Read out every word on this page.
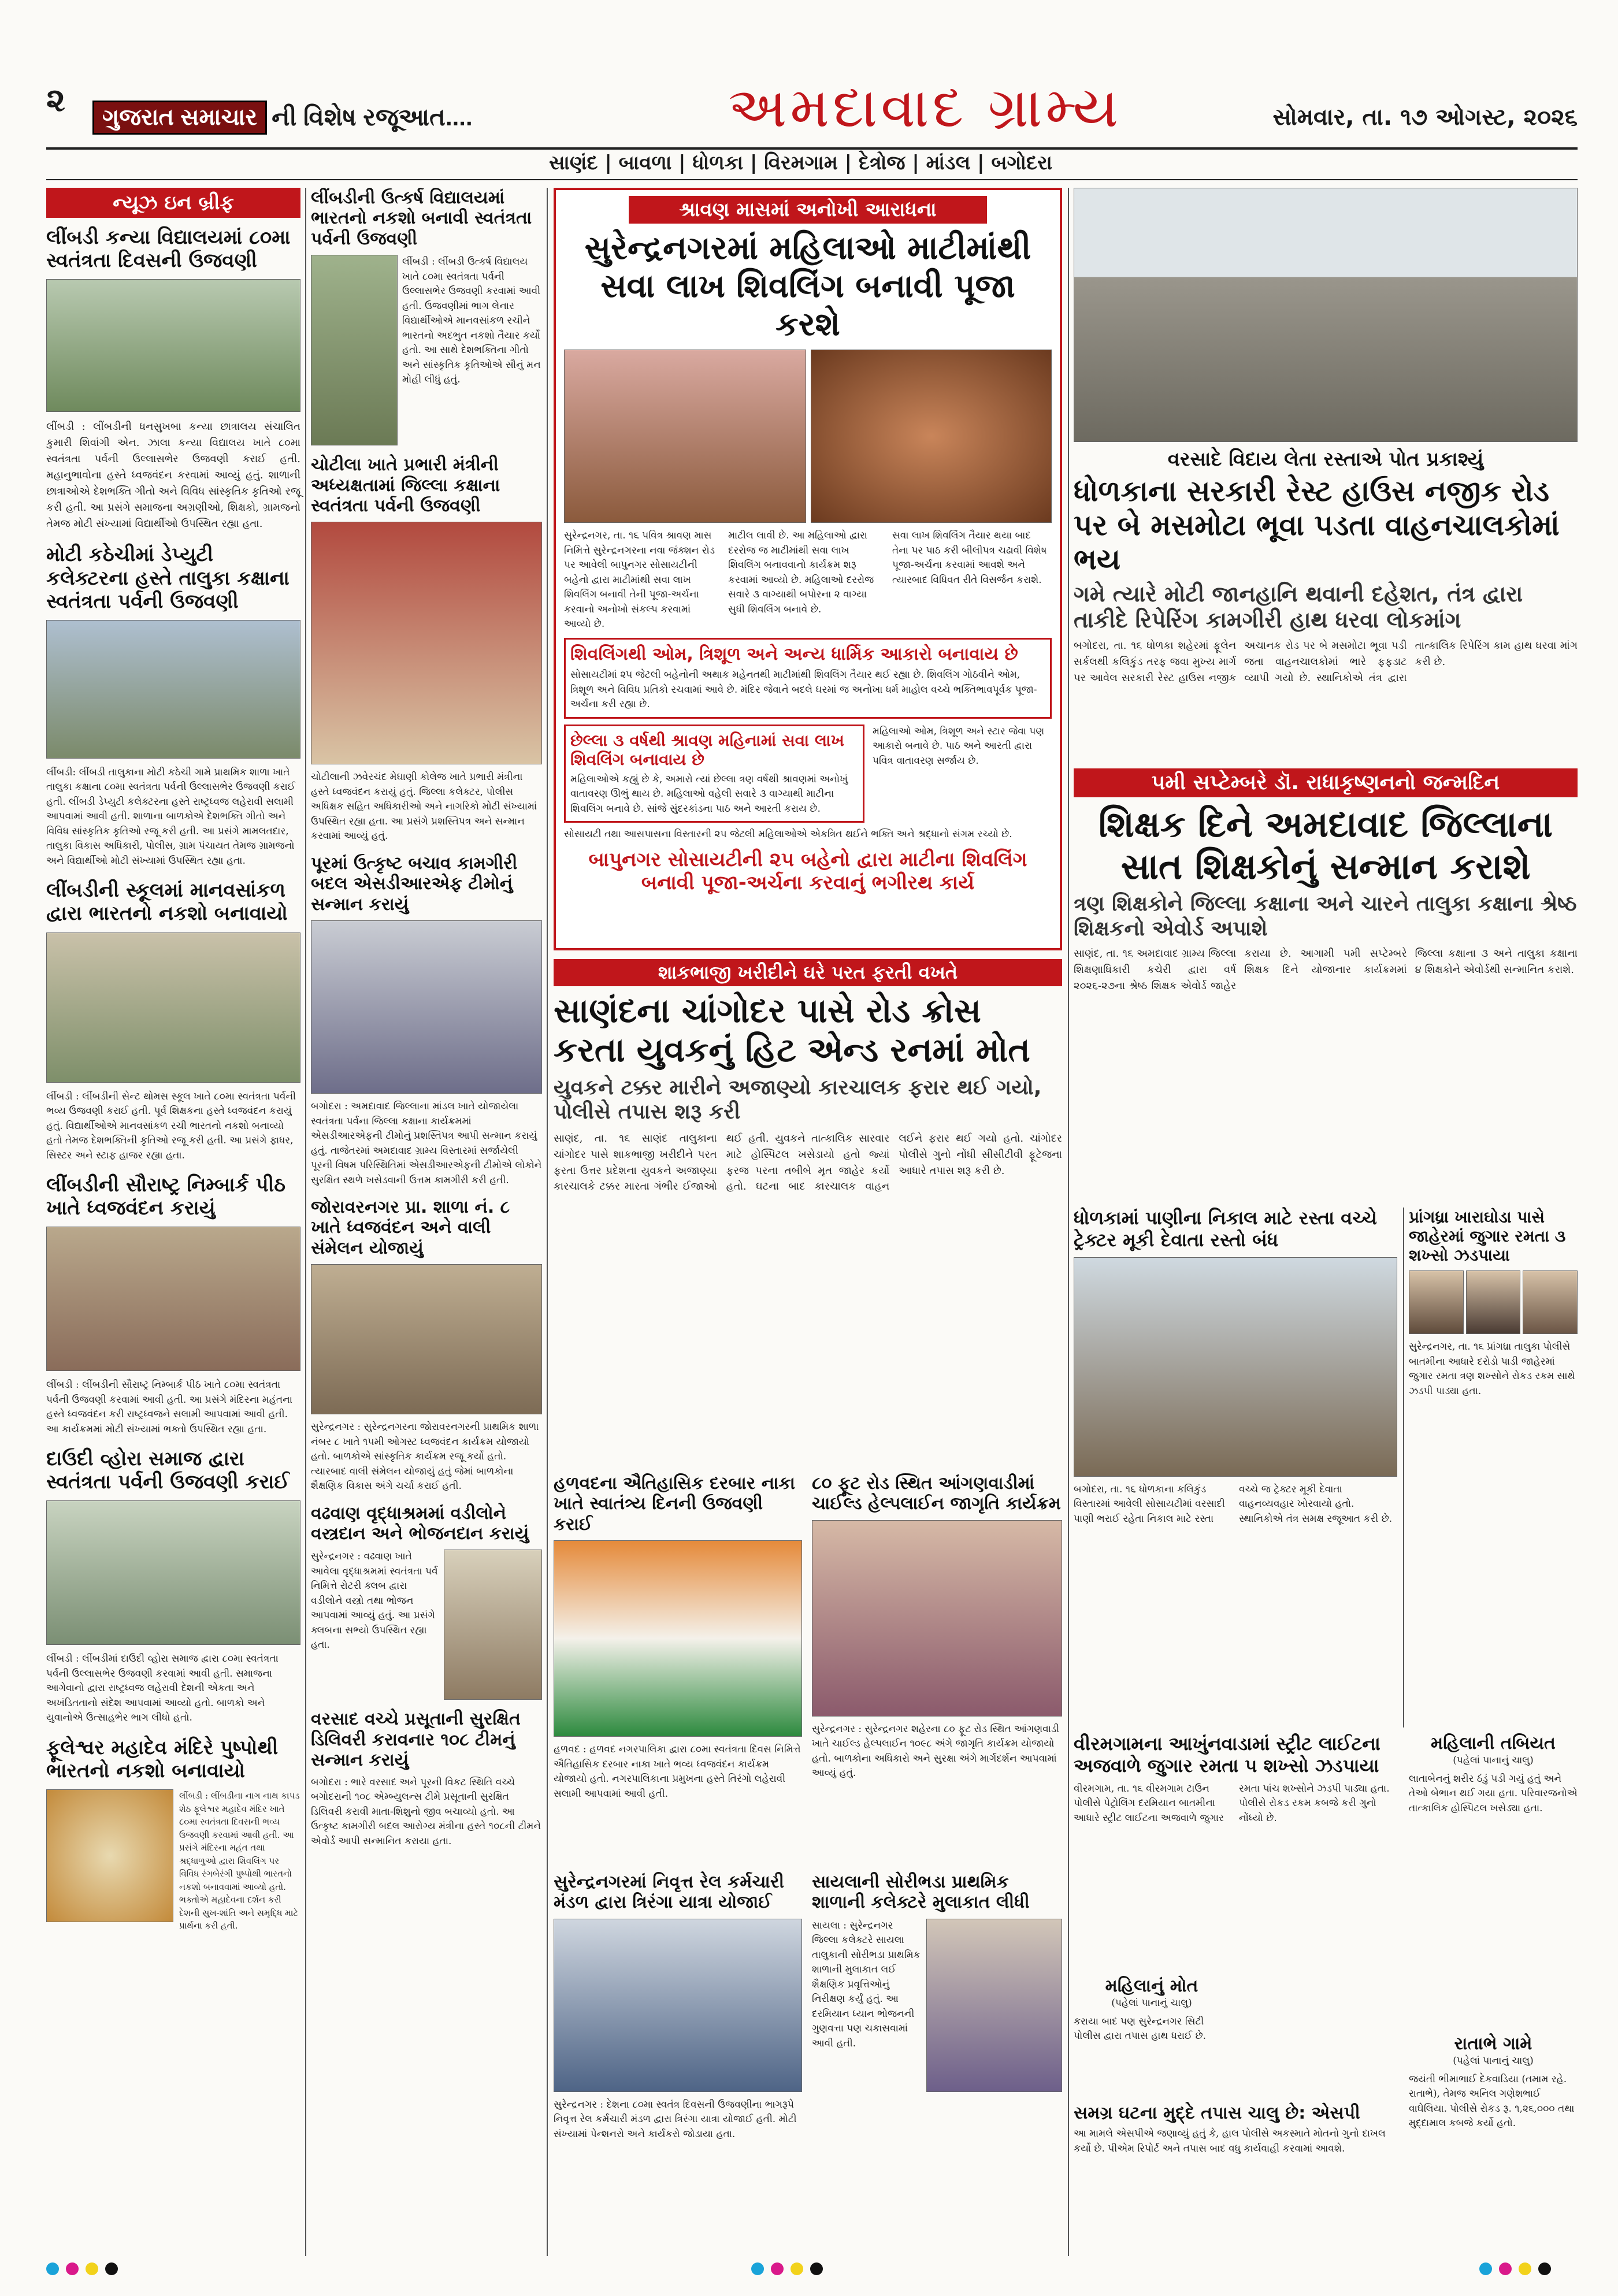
૨	ગુજરાત સમાચાર ની વિશેષ રજૂઆત....	અમદાવાદ ગ્રામ્ય	સોમવાર, તા. ૧૭ ઓગસ્ટ, ૨૦૨૬
સાણંદ | બાવળા | ધોળકા | વિરમગામ | દેત્રોજ | માંડલ | બગોદરા
ન્યૂઝ ઇન બ્રીફ
લીંબડી કન્યા વિદ્યાલયમાં ૮૦મા સ્વતંત્રતા દિવસની ઉજવણી
લીંબડી : લીંબડીની ધનસુખબા કન્યા છાત્રાલય સંચાલિત કુમારી શિવાંગી એન. ઝાલા કન્યા વિદ્યાલય ખાતે ૮૦મા સ્વતંત્રતા પર્વની ઉલ્લાસભેર ઉજવણી કરાઈ હતી. મહાનુભાવોના હસ્તે ધ્વજવંદન કરવામાં આવ્યું હતું. શાળાની છાત્રાઓએ દેશભક્તિ ગીતો અને વિવિધ સાંસ્કૃતિક કૃતિઓ રજૂ કરી હતી. આ પ્રસંગે સમાજના અગ્રણીઓ, શિક્ષકો, ગ્રામજનો તેમજ મોટી સંખ્યામાં વિદ્યાર્થીઓ ઉપસ્થિત રહ્યા હતા.
મોટી કઠેચીમાં ડેપ્યુટી કલેક્ટરના હસ્તે તાલુકા કક્ષાના સ્વતંત્રતા પર્વની ઉજવણી
લીંબડી: લીંબડી તાલુકાના મોટી કઠેચી ગામે પ્રાથમિક શાળા ખાતે તાલુકા કક્ષાના ૮૦મા સ્વતંત્રતા પર્વની ઉલ્લાસભેર ઉજવણી કરાઈ હતી. લીંબડી ડેપ્યુટી કલેક્ટરના હસ્તે રાષ્ટ્રધ્વજ લહેરાવી સલામી આપવામાં આવી હતી. શાળાના બાળકોએ દેશભક્તિ ગીતો અને વિવિધ સાંસ્કૃતિક કૃતિઓ રજૂ કરી હતી. આ પ્રસંગે મામલતદાર, તાલુકા વિકાસ અધિકારી, પોલીસ, ગ્રામ પંચાયત તેમજ ગ્રામજનો અને વિદ્યાર્થીઓ મોટી સંખ્યામાં ઉપસ્થિત રહ્યા હતા.
લીંબડીની સ્કૂલમાં માનવસાંકળ દ્વારા ભારતનો નકશો બનાવાયો
લીંબડી : લીંબડીની સેન્ટ થોમસ સ્કૂલ ખાતે ૮૦મા સ્વતંત્રતા પર્વની ભવ્ય ઉજવણી કરાઈ હતી. પૂર્વ શિક્ષકના હસ્તે ધ્વજવંદન કરાયું હતું. વિદ્યાર્થીઓએ માનવસાંકળ રચી ભારતનો નકશો બનાવ્યો હતો તેમજ દેશભક્તિની કૃતિઓ રજૂ કરી હતી. આ પ્રસંગે ફાધર, સિસ્ટર અને સ્ટાફ હાજર રહ્યા હતા.
લીંબડીની સૌરાષ્ટ્ર નિમ્બાર્ક પીઠ ખાતે ધ્વજવંદન કરાયું
લીંબડી : લીંબડીની સૌરાષ્ટ્ર નિમ્બાર્ક પીઠ ખાતે ૮૦મા સ્વતંત્રતા પર્વની ઉજવણી કરવામાં આવી હતી. આ પ્રસંગે મંદિરના મહંતના હસ્તે ધ્વજવંદન કરી રાષ્ટ્રધ્વજને સલામી આપવામાં આવી હતી. આ કાર્યક્રમમાં મોટી સંખ્યામાં ભક્તો ઉપસ્થિત રહ્યા હતા.
દાઉદી વ્હોરા સમાજ દ્વારા સ્વતંત્રતા પર્વની ઉજવણી કરાઈ
લીંબડી : લીંબડીમાં દાઉદી વ્હોરા સમાજ દ્વારા ૮૦મા સ્વતંત્રતા પર્વની ઉલ્લાસભેર ઉજવણી કરવામાં આવી હતી. સમાજના આગેવાનો દ્વારા રાષ્ટ્રધ્વજ લહેરાવી દેશની એકતા અને અખંડિતતાનો સંદેશ આપવામાં આવ્યો હતો. બાળકો અને યુવાનોએ ઉત્સાહભેર ભાગ લીધો હતો.
ફૂલેશ્વર મહાદેવ મંદિરે પુષ્પોથી ભારતનો નકશો બનાવાયો
લીંબડી : લીંબડીના નાગ નાથ કાપડ શેઠ ફૂલેશ્વર મહાદેવ મંદિર ખાતે ૮૦મા સ્વતંત્રતા દિવસની ભવ્ય ઉજવણી કરવામાં આવી હતી. આ પ્રસંગે મંદિરના મહંત તથા શ્રદ્ધાળુઓ દ્વારા શિવલિંગ પર વિવિધ રંગબેરંગી પુષ્પોથી ભારતનો નકશો બનાવવામાં આવ્યો હતો. ભક્તોએ મહાદેવના દર્શન કરી દેશની સુખ-શાંતિ અને સમૃદ્ધિ માટે પ્રાર્થના કરી હતી.
લીંબડીની ઉત્કર્ષ વિદ્યાલયમાં ભારતનો નકશો બનાવી સ્વતંત્રતા પર્વની ઉજવણી
લીંબડી : લીંબડી ઉત્કર્ષ વિદ્યાલય ખાતે ૮૦મા સ્વતંત્રતા પર્વની ઉલ્લાસભેર ઉજવણી કરવામાં આવી હતી. ઉજવણીમાં ભાગ લેનાર વિદ્યાર્થીઓએ માનવસાંકળ રચીને ભારતનો અદભુત નકશો તૈયાર કર્યો હતો. આ સાથે દેશભક્તિના ગીતો અને સાંસ્કૃતિક કૃતિઓએ સૌનું મન મોહી લીધું હતું.
ચોટીલા ખાતે પ્રભારી મંત્રીની અધ્યક્ષતામાં જિલ્લા કક્ષાના સ્વતંત્રતા પર્વની ઉજવણી
ચોટીલાની ઝવેરચંદ મેઘાણી કોલેજ ખાતે પ્રભારી મંત્રીના હસ્તે ધ્વજવંદન કરાયું હતું. જિલ્લા કલેક્ટર, પોલીસ અધિક્ષક સહિત અધિકારીઓ અને નાગરિકો મોટી સંખ્યામાં ઉપસ્થિત રહ્યા હતા. આ પ્રસંગે પ્રશસ્તિપત્ર અને સન્માન કરવામાં આવ્યું હતું.
પૂરમાં ઉત્કૃષ્ટ બચાવ કામગીરી બદલ એસડીઆરએફ ટીમોનું સન્માન કરાયું
બગોદરા : અમદાવાદ જિલ્લાના માંડલ ખાતે યોજાયેલા સ્વતંત્રતા પર્વના જિલ્લા કક્ષાના કાર્યક્રમમાં એસડીઆરએફની ટીમોનું પ્રશસ્તિપત્ર આપી સન્માન કરાયું હતું. તાજેતરમાં અમદાવાદ ગ્રામ્ય વિસ્તારમાં સર્જાયેલી પૂરની વિષમ પરિસ્થિતિમાં એસડીઆરએફની ટીમોએ લોકોને સુરક્ષિત સ્થળે ખસેડવાની ઉત્તમ કામગીરી કરી હતી.
જોરાવરનગર પ્રા. શાળા નં. ૮ ખાતે ધ્વજવંદન અને વાલી સંમેલન યોજાયું
સુરેન્દ્રનગર : સુરેન્દ્રનગરના જોરાવરનગરની પ્રાથમિક શાળા નંબર ૮ ખાતે ૧૫મી ઓગસ્ટ ધ્વજવંદન કાર્યક્રમ યોજાયો હતો. બાળકોએ સાંસ્કૃતિક કાર્યક્રમ રજૂ કર્યો હતો. ત્યારબાદ વાલી સંમેલન યોજાયું હતું જેમાં બાળકોના શૈક્ષણિક વિકાસ અંગે ચર્ચા કરાઈ હતી.
વઢવાણ વૃદ્ધાશ્રમમાં વડીલોને વસ્ત્રદાન અને ભોજનદાન કરાયું
સુરેન્દ્રનગર : વઢવાણ ખાતે આવેલા વૃદ્ધાશ્રમમાં સ્વતંત્રતા પર્વ નિમિત્તે રોટરી ક્લબ દ્વારા વડીલોને વસ્ત્રો તથા ભોજન આપવામાં આવ્યું હતું. આ પ્રસંગે ક્લબના સભ્યો ઉપસ્થિત રહ્યા હતા.
વરસાદ વચ્ચે પ્રસૂતાની સુરક્ષિત ડિલિવરી કરાવનાર ૧૦૮ ટીમનું સન્માન કરાયું
બગોદરા : ભારે વરસાદ અને પૂરની વિકટ સ્થિતિ વચ્ચે બગોદરાની ૧૦૮ એમ્બ્યુલન્સ ટીમે પ્રસૂતાની સુરક્ષિત ડિલિવરી કરાવી માતા-શિશુનો જીવ બચાવ્યો હતો. આ ઉત્કૃષ્ટ કામગીરી બદલ આરોગ્ય મંત્રીના હસ્તે ૧૦૮ની ટીમને એવોર્ડ આપી સન્માનિત કરાયા હતા.
શ્રાવણ માસમાં અનોખી આરાધના
સુરેન્દ્રનગરમાં મહિલાઓ માટીમાંથી સવા લાખ શિવલિંગ બનાવી પૂજા કરશે
સુરેન્દ્રનગર, તા. ૧૬ પવિત્ર શ્રાવણ માસ નિમિત્તે સુરેન્દ્રનગરના નવા જંક્શન રોડ પર આવેલી બાપુનગર સોસાયટીની બહેનો દ્વારા માટીમાંથી સવા લાખ શિવલિંગ બનાવી તેની પૂજા-અર્ચના કરવાનો અનોખો સંકલ્પ કરવામાં આવ્યો છે.
માટીલ લાવી છે. આ મહિલાઓ દ્વારા દરરોજ જ માટીમાંથી સવા લાખ શિવલિંગ બનાવવાનો કાર્યક્રમ શરૂ કરવામાં આવ્યો છે. મહિલાઓ દરરોજ સવારે ૩ વાગ્યાથી બપોરના ૨ વાગ્યા સુધી શિવલિંગ બનાવે છે.
સવા લાખ શિવલિંગ તૈયાર થયા બાદ તેના પર પાઠ કરી બીલીપત્ર ચઢાવી વિશેષ પૂજા-અર્ચના કરવામાં આવશે અને ત્યારબાદ વિધિવત રીતે વિસર્જન કરાશે.
શિવલિંગથી ઓમ, ત્રિશૂળ અને અન્ય ધાર્મિક આકારો બનાવાય છે
સોસાયટીમાં ૨૫ જેટલી બહેનોની અથાક મહેનતથી માટીમાંથી શિવલિંગ તૈયાર થઈ રહ્યા છે. શિવલિંગ ગોઠવીને ઓમ, ત્રિશૂળ અને વિવિધ પ્રતિકો રચવામાં આવે છે. મંદિર જેવાને બદલે ઘરમાં જ અનોખા ધર્મ માહોલ વચ્ચે ભક્તિભાવપૂર્વક પૂજા-અર્ચના કરી રહ્યા છે.
છેલ્લા ૩ વર્ષથી શ્રાવણ મહિનામાં સવા લાખ શિવલિંગ બનાવાય છે
મહિલાઓએ કહ્યું છે કે, અમારો ત્યાં છેલ્લા ત્રણ વર્ષથી શ્રાવણમાં અનોખું વાતાવરણ ઊભું થાય છે. મહિલાઓ વહેલી સવારે ૩ વાગ્યાથી માટીના શિવલિંગ બનાવે છે. સાંજે સુંદરકાંડના પાઠ અને આરતી કરાય છે.
મહિલાઓ ઓમ, ત્રિશૂળ અને સ્ટાર જેવા પણ આકારો બનાવે છે. પાઠ અને આરતી દ્વારા પવિત્ર વાતાવરણ સર્જાય છે.
સોસાયટી તથા આસપાસના વિસ્તારની ૨૫ જેટલી મહિલાઓએ એકત્રિત થઈને ભક્તિ અને શ્રદ્ધાનો સંગમ રચ્યો છે.
બાપુનગર સોસાયટીની ૨૫ બહેનો દ્વારા માટીના શિવલિંગ બનાવી પૂજા-અર્ચના કરવાનું ભગીરથ કાર્ય
શાકભાજી ખરીદીને ઘરે પરત ફરતી વખતે
સાણંદના ચાંગોદર પાસે રોડ ક્રોસ કરતા યુવકનું હિટ એન્ડ રનમાં મોત
યુવકને ટક્કર મારીને અજાણ્યો કારચાલક ફરાર થઈ ગયો, પોલીસે તપાસ શરૂ કરી
સાણંદ, તા. ૧૬ સાણંદ તાલુકાના ચાંગોદર પાસે શાકભાજી ખરીદીને પરત ફરતા ઉત્તર પ્રદેશના યુવકને અજાણ્યા કારચાલકે ટક્કર મારતા ગંભીર ઈજાઓ થઈ હતી. યુવકને તાત્કાલિક સારવાર માટે હોસ્પિટલ ખસેડાયો હતો જ્યાં ફરજ પરના તબીબે મૃત જાહેર કર્યો હતો. ઘટના બાદ કારચાલક વાહન લઈને ફરાર થઈ ગયો હતો. ચાંગોદર પોલીસે ગુનો નોંધી સીસીટીવી ફૂટેજના આધારે તપાસ શરૂ કરી છે.
હળવદના ઐતિહાસિક દરબાર નાકા ખાતે સ્વાતંત્ર્ય દિનની ઉજવણી કરાઈ
હળવદ : હળવદ નગરપાલિકા દ્વારા ૮૦મા સ્વતંત્રતા દિવસ નિમિત્તે ઐતિહાસિક દરબાર નાકા ખાતે ભવ્ય ધ્વજવંદન કાર્યક્રમ યોજાયો હતો. નગરપાલિકાના પ્રમુખના હસ્તે તિરંગો લહેરાવી સલામી આપવામાં આવી હતી.
૮૦ ફૂટ રોડ સ્થિત આંગણવાડીમાં ચાઈલ્ડ હેલ્પલાઈન જાગૃતિ કાર્યક્રમ
સુરેન્દ્રનગર : સુરેન્દ્રનગર શહેરના ૮૦ ફૂટ રોડ સ્થિત આંગણવાડી ખાતે ચાઈલ્ડ હેલ્પલાઈન ૧૦૯૮ અંગે જાગૃતિ કાર્યક્રમ યોજાયો હતો. બાળકોના અધિકારો અને સુરક્ષા અંગે માર્ગદર્શન આપવામાં આવ્યું હતું.
સુરેન્દ્રનગરમાં નિવૃત્ત રેલ કર્મચારી મંડળ દ્વારા ત્રિરંગા યાત્રા યોજાઈ
સુરેન્દ્રનગર : દેશના ૮૦મા સ્વતંત્ર દિવસની ઉજવણીના ભાગરૂપે નિવૃત્ત રેલ કર્મચારી મંડળ દ્વારા ત્રિરંગા યાત્રા યોજાઈ હતી. મોટી સંખ્યામાં પેન્શનરો અને કાર્યકરો જોડાયા હતા.
સાયલાની સોરીભડા પ્રાથમિક શાળાની કલેક્ટરે મુલાકાત લીધી
સાયલા : સુરેન્દ્રનગર જિલ્લા કલેક્ટરે સાયલા તાલુકાની સોરીભડા પ્રાથમિક શાળાની મુલાકાત લઈ શૈક્ષણિક પ્રવૃત્તિઓનું નિરીક્ષણ કર્યું હતું. આ દરમિયાન ધ્યાન ભોજનની ગુણવત્તા પણ ચકાસવામાં આવી હતી.
વરસાદે વિદાય લેતા રસ્તાએ પોત પ્રકાશ્યું
ધોળકાના સરકારી રેસ્ટ હાઉસ નજીક રોડ પર બે મસમોટા ભૂવા પડતા વાહનચાલકોમાં ભય
ગમે ત્યારે મોટી જાનહાનિ થવાની દહેશત, તંત્ર દ્વારા તાકીદે રિપેરિંગ કામગીરી હાથ ધરવા લોકમાંગ
બગોદરા, તા. ૧૬ ધોળકા શહેરમાં ફૂલેન સર્કલથી કલિકુંડ તરફ જવા મુખ્ય માર્ગ પર આવેલ સરકારી રેસ્ટ હાઉસ નજીક અચાનક રોડ પર બે મસમોટા ભૂવા પડી જતા વાહનચાલકોમાં ભારે ફફડાટ વ્યાપી ગયો છે. સ્થાનિકોએ તંત્ર દ્વારા તાત્કાલિક રિપેરિંગ કામ હાથ ધરવા માંગ કરી છે.
૫મી સપ્ટેમ્બરે ડૉ. રાધાકૃષ્ણનનો જન્મદિન
શિક્ષક દિને અમદાવાદ જિલ્લાના સાત શિક્ષકોનું સન્માન કરાશે
ત્રણ શિક્ષકોને જિલ્લા કક્ષાના અને ચારને તાલુકા કક્ષાના શ્રેષ્ઠ શિક્ષકનો એવોર્ડ અપાશે
સાણંદ, તા. ૧૬ અમદાવાદ ગ્રામ્ય જિલ્લા શિક્ષણાધિકારી કચેરી દ્વારા વર્ષ ૨૦૨૬-૨૭ના શ્રેષ્ઠ શિક્ષક એવોર્ડ જાહેર કરાયા છે. આગામી ૫મી સપ્ટેમ્બરે શિક્ષક દિને યોજાનાર કાર્યક્રમમાં જિલ્લા કક્ષાના ૩ અને તાલુકા કક્ષાના ૪ શિક્ષકોને એવોર્ડથી સન્માનિત કરાશે.
ધોળકામાં પાણીના નિકાલ માટે રસ્તા વચ્ચે ટ્રેક્ટર મૂકી દેવાતા રસ્તો બંધ
બગોદરા, તા. ૧૬ ધોળકાના કલિકુંડ વિસ્તારમાં આવેલી સોસાયટીમાં વરસાદી પાણી ભરાઈ રહેતા નિકાલ માટે રસ્તા વચ્ચે જ ટ્રેક્ટર મૂકી દેવાતા વાહનવ્યવહાર ખોરવાયો હતો. સ્થાનિકોએ તંત્ર સમક્ષ રજૂઆત કરી છે.
પ્રાંગધ્રા ખારાઘોડા પાસે જાહેરમાં જુગાર રમતા ૩ શખ્સો ઝડપાયા
સુરેન્દ્રનગર, તા. ૧૬ પ્રાંગધ્રા તાલુકા પોલીસે બાતમીના આધારે દરોડો પાડી જાહેરમાં જુગાર રમતા ત્રણ શખ્સોને રોકડ રકમ સાથે ઝડપી પાડ્યા હતા.
વીરમગામના આખુંનવાડામાં સ્ટ્રીટ લાઈટના અજવાળે જુગાર રમતા ૫ શખ્સો ઝડપાયા
વીરમગામ, તા. ૧૬ વીરમગામ ટાઉન પોલીસે પેટ્રોલિંગ દરમિયાન બાતમીના આધારે સ્ટ્રીટ લાઈટના અજવાળે જુગાર રમતા પાંચ શખ્સોને ઝડપી પાડ્યા હતા. પોલીસે રોકડ રકમ કબજે કરી ગુનો નોંધ્યો છે.
મહિલાની તબિયત
(પહેલાં પાનાનું ચાલુ)
લાતાબેનનું શરીર ઠંડું પડી ગયું હતું અને તેઓ બેભાન થઈ ગયા હતા. પરિવારજનોએ તાત્કાલિક હોસ્પિટલ ખસેડ્યા હતા.
મહિલાનું મોત
(પહેલાં પાનાનું ચાલુ)
કરાયા બાદ પણ સુરેન્દ્રનગર સિટી પોલીસ દ્વારા તપાસ હાથ ધરાઈ છે.
સમગ્ર ઘટના મુદ્દે તપાસ ચાલુ છે: એસપી
આ મામલે એસપીએ જણાવ્યું હતું કે, હાલ પોલીસે અકસ્માતે મોતનો ગુનો દાખલ કર્યો છે. પીએમ રિપોર્ટ અને તપાસ બાદ વધુ કાર્યવાહી કરવામાં આવશે.
રાતાભે ગામે
(પહેલાં પાનાનું ચાલુ)
જયંતી ભીમાભાઈ દેકવાડિયા (તમામ રહે. રાતાભે), તેમજ અનિલ ગણેશભાઈ વાઘેલિયા. પોલીસે રોકડ રૂ. ૧,૨૬,૦૦૦ તથા મુદ્દામાલ કબજે કર્યો હતો.
